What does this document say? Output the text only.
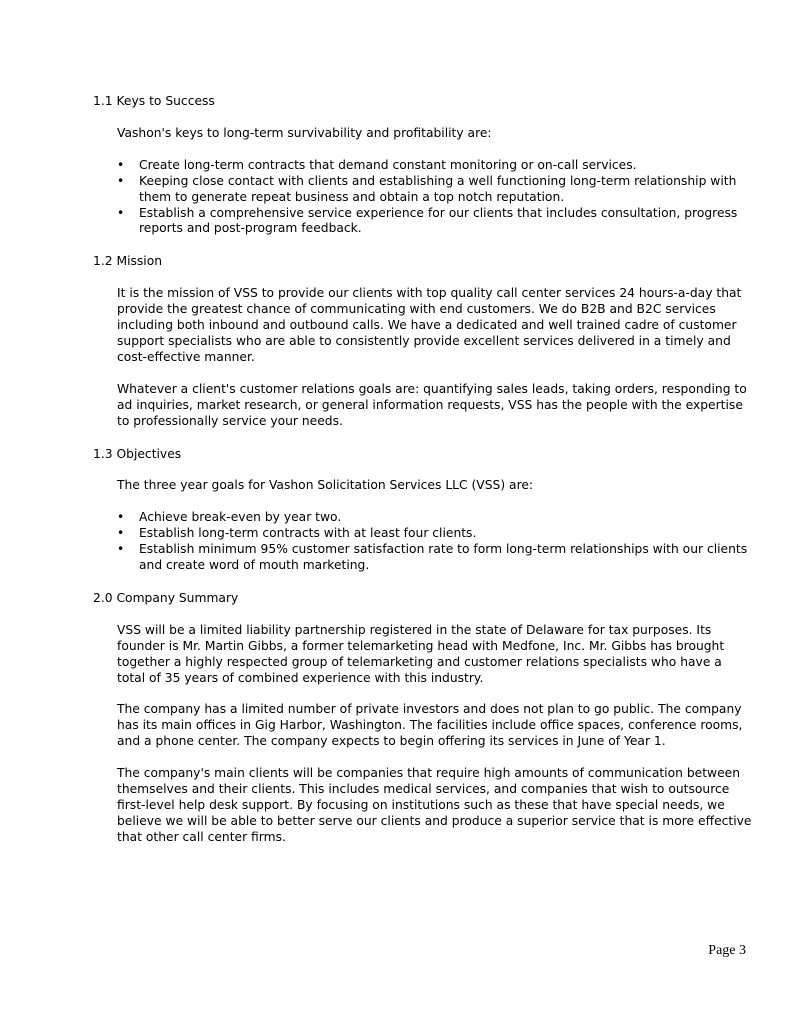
1.1 Keys to Success

Vashon's keys to long-term survivability and profitability are:

• Create long-term contracts that demand constant monitoring or on-call services.
• Keeping close contact with clients and establishing a well functioning long-term relationship with them to generate repeat business and obtain a top notch reputation.
• Establish a comprehensive service experience for our clients that includes consultation, progress reports and post-program feedback.
1.2 Mission

It is the mission of VSS to provide our clients with top quality call center services 24 hours-a-day that provide the greatest chance of communicating with end customers. We do B2B and B2C services including both inbound and outbound calls. We have a dedicated and well trained cadre of customer support specialists who are able to consistently provide excellent services delivered in a timely and cost-effective manner.

Whatever a client's customer relations goals are: quantifying sales leads, taking orders, responding to ad inquiries, market research, or general information requests, VSS has the people with the expertise to professionally service your needs.

1.3 Objectives

The three year goals for Vashon Solicitation Services LLC (VSS) are:

• Achieve break-even by year two.
• Establish long-term contracts with at least four clients.
• Establish minimum 95% customer satisfaction rate to form long-term relationships with our clients and create word of mouth marketing.
2.0 Company Summary

VSS will be a limited liability partnership registered in the state of Delaware for tax purposes. Its founder is Mr. Martin Gibbs, a former telemarketing head with Medfone, Inc. Mr. Gibbs has brought together a highly respected group of telemarketing and customer relations specialists who have a total of 35 years of combined experience with this industry.

The company has a limited number of private investors and does not plan to go public. The company has its main offices in Gig Harbor, Washington. The facilities include office spaces, conference rooms, and a phone center. The company expects to begin offering its services in June of Year 1.

The company's main clients will be companies that require high amounts of communication between themselves and their clients. This includes medical services, and companies that wish to outsource first-level help desk support. By focusing on institutions such as these that have special needs, we believe we will be able to better serve our clients and produce a superior service that is more effective that other call center firms.

Page 3
